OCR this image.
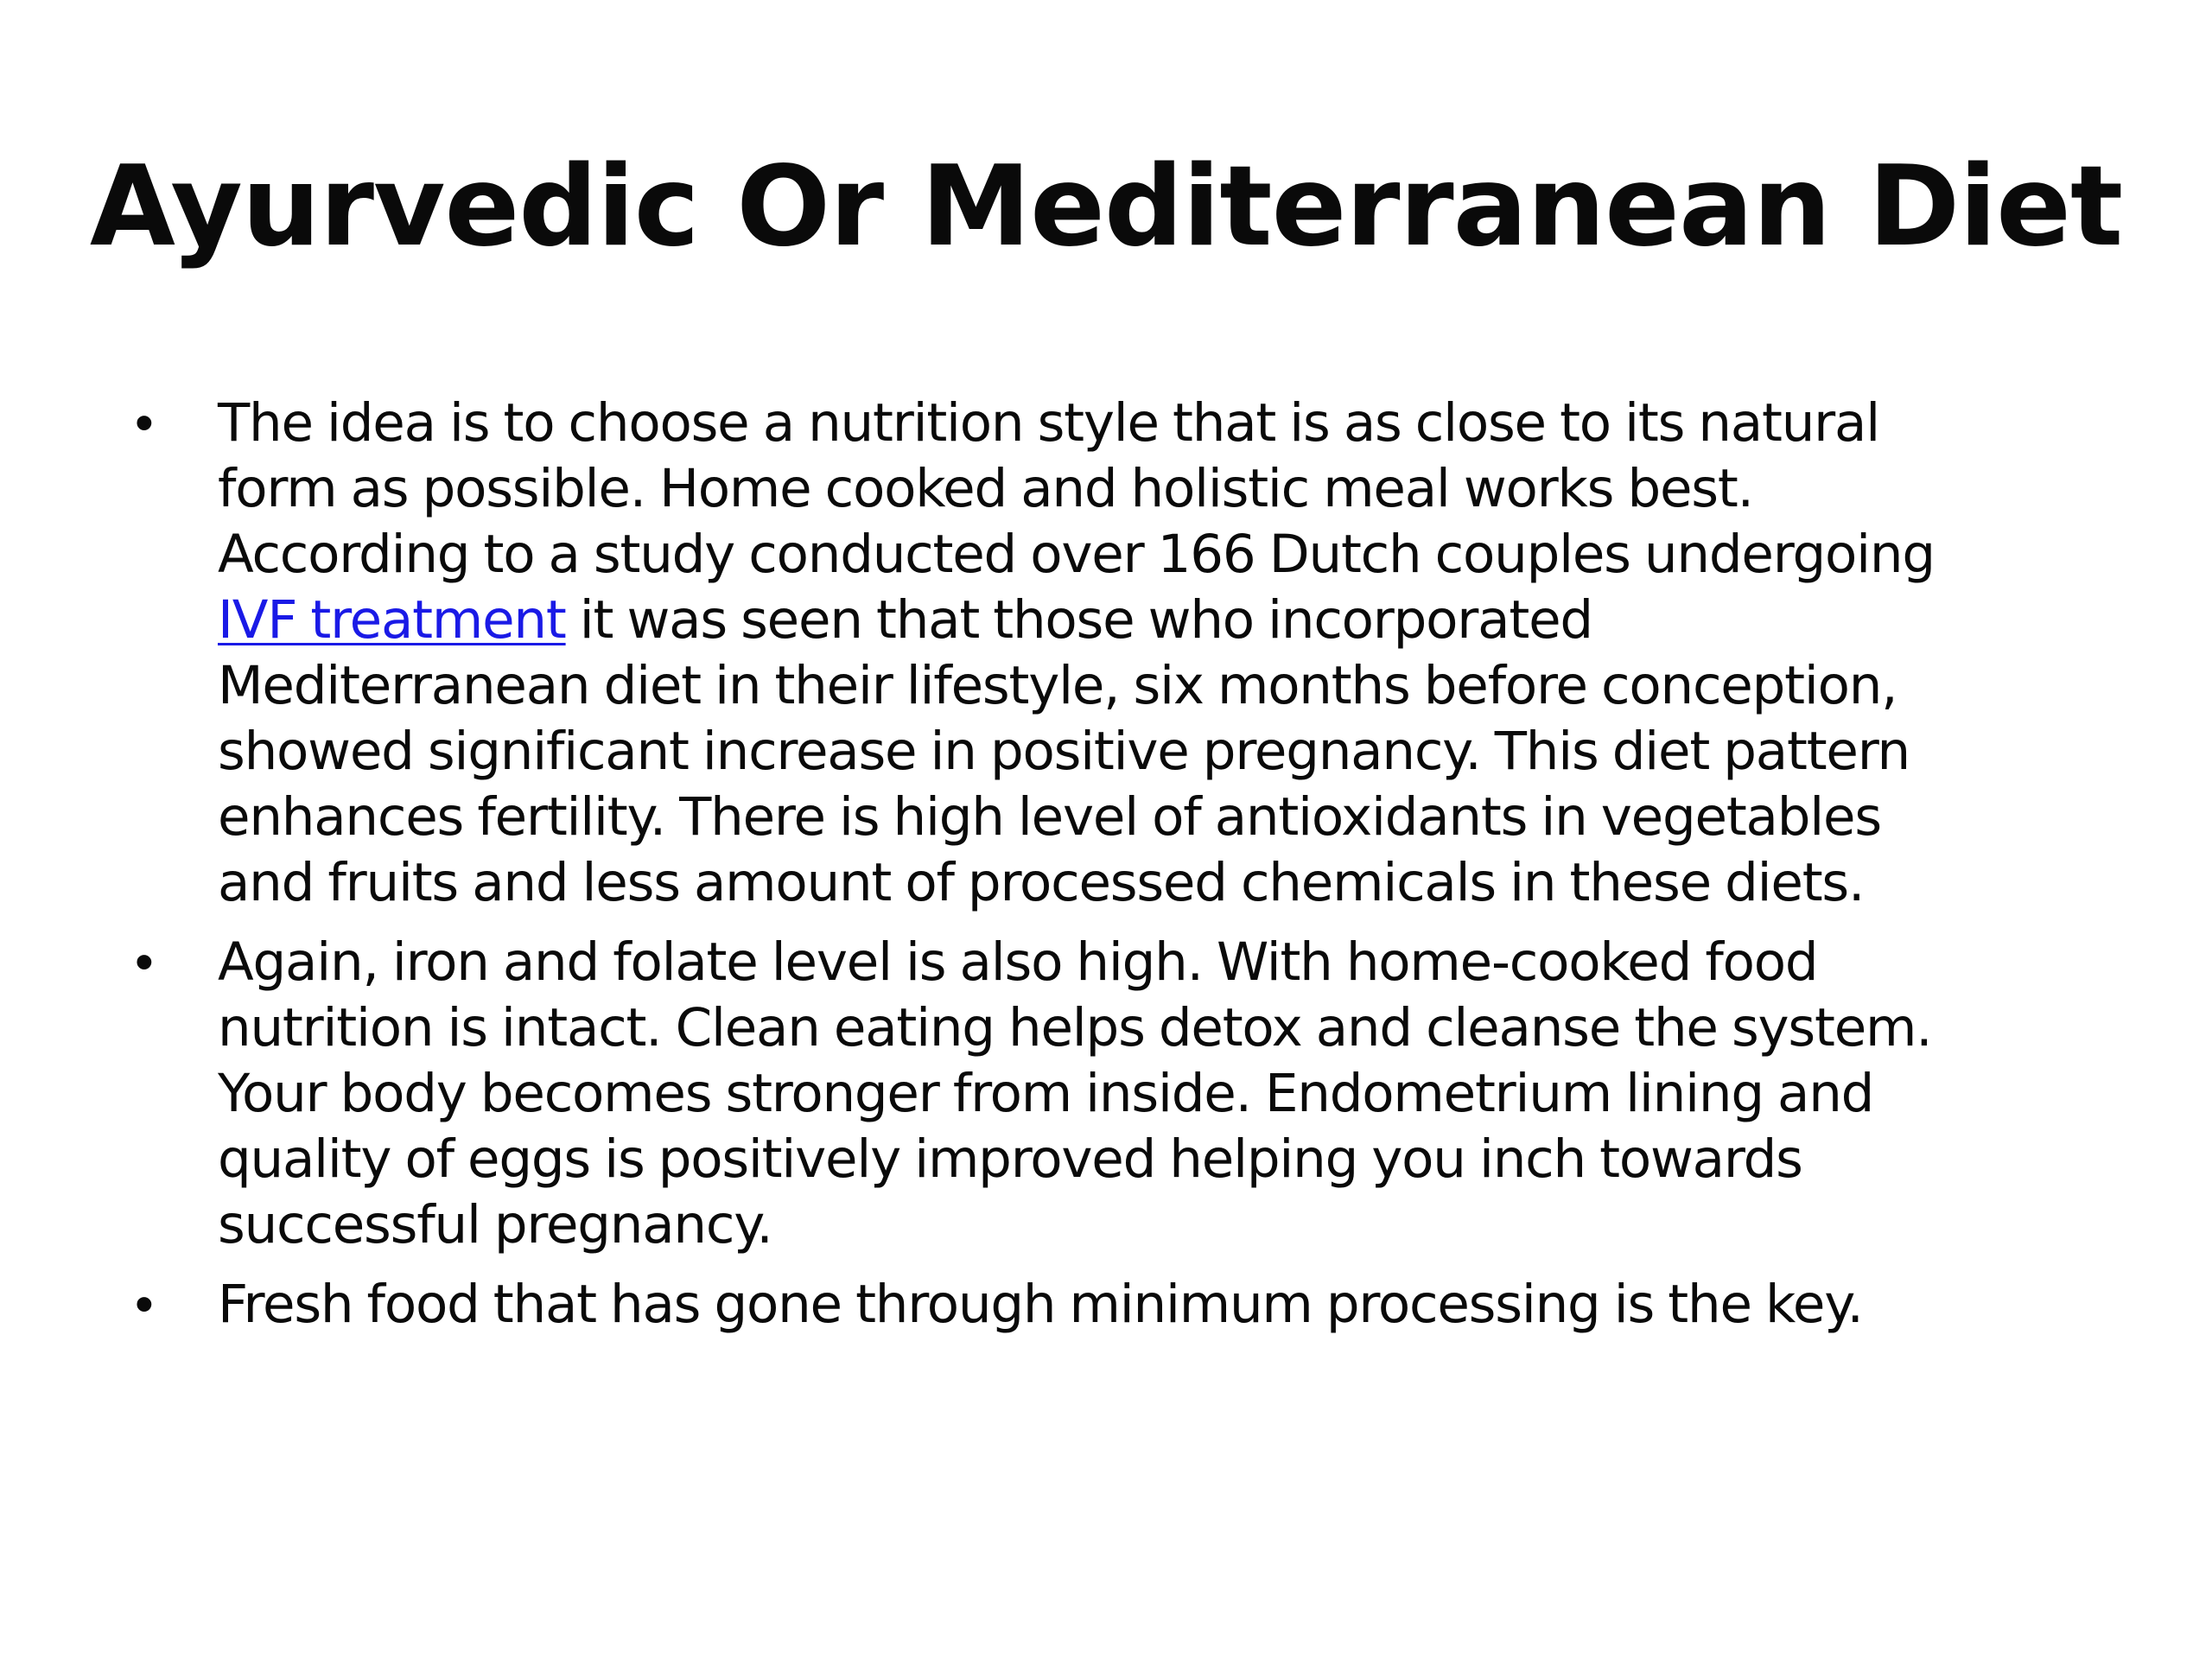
Ayurvedic Or Mediterranean Diet
•	The idea is to choose a nutrition style that is as close to its natural
form as possible. Home cooked and holistic meal works best.
According to a study conducted over 166 Dutch couples undergoing
IVF treatment it was seen that those who incorporated
Mediterranean diet in their lifestyle, six months before conception,
showed significant increase in positive pregnancy. This diet pattern
enhances fertility. There is high level of antioxidants in vegetables
and fruits and less amount of processed chemicals in these diets.
•	Again, iron and folate level is also high. With home-cooked food
nutrition is intact. Clean eating helps detox and cleanse the system.
Your body becomes stronger from inside. Endometrium lining and
quality of eggs is positively improved helping you inch towards
successful pregnancy.
•	Fresh food that has gone through minimum processing is the key.
